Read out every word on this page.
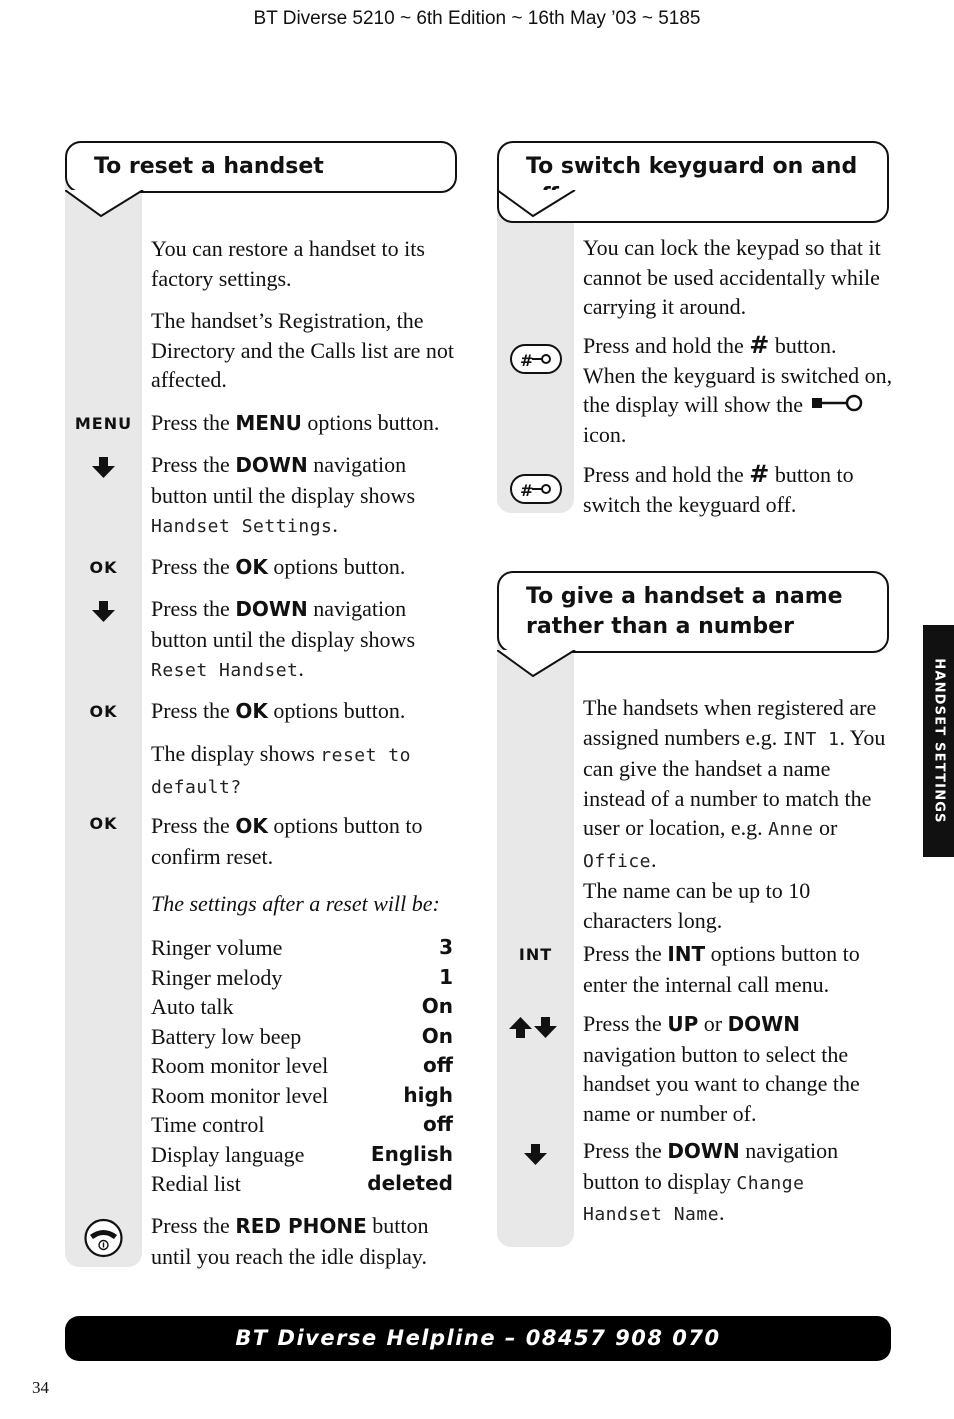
BT Diverse 5210 ~ 6th Edition ~ 16th May ’03 ~ 5185
To reset a handset
You can restore a handset to its factory settings.
The handset’s Registration, the Directory and the Calls list are not affected.
MENU Press the MENU options button.
Press the DOWN navigation button until the display shows Handset Settings.
OK	Press the OK options button.
Press the DOWN navigation button until the display shows Reset Handset.
OK	Press the OK options button.
The display shows reset to default?
OK	Press the OK options button to confirm reset.
The settings after a reset will be:
Ringer volume	3
Ringer melody	1
Auto talk	On
Battery low beep	On
Room monitor level	off
Room monitor level	high
Time control	off
Display language	English
Redial list	deleted
Press the RED PHONE button until you reach the idle display.
To switch keyguard on and
You can lock the keypad so that it cannot be used accidentally while carrying it around.
#
Press and hold the # button. When the keyguard is switched on, the display will show the  icon.
#
Press and hold the # button to switch the keyguard off.
To give a handset a name
rather than a number
The handsets when registered are assigned numbers e.g. INT 1. You can give the handset a name instead of a number to match the user or location, e.g. Anne or Office.
The name can be up to 10 characters long.
INT	Press the INT options button to enter the internal call menu.
Press the UP or DOWN navigation button to select the handset you want to change the name or number of.
Press the DOWN navigation button to display Change Handset Name.
HANDSET SETTINGS
BT Diverse Helpline – 08457 908 070
34
